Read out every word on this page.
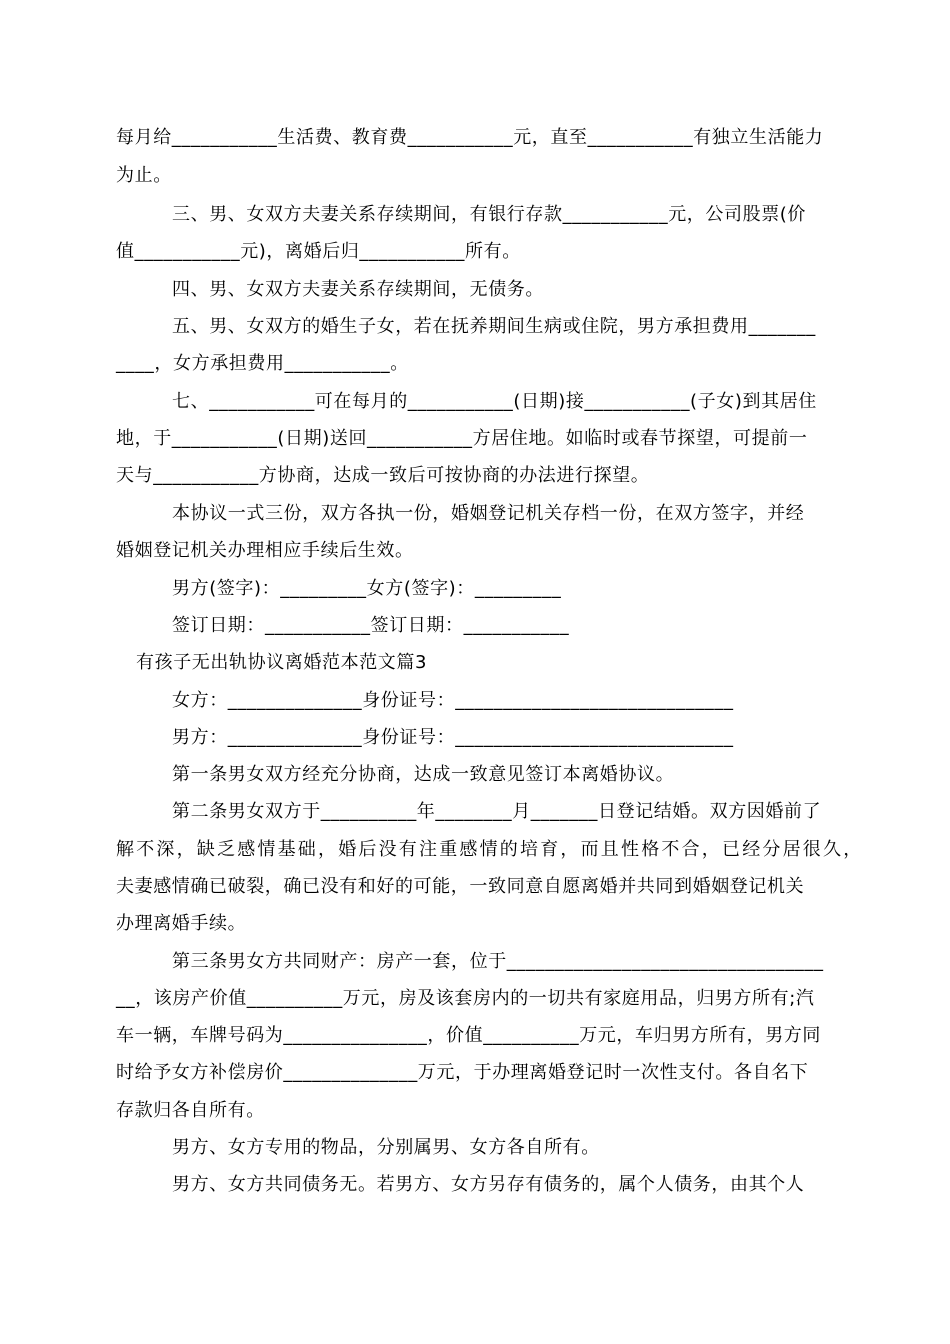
每月给___________生活费、教育费___________元，直至___________有独立生活能力
为止。
三、男、女双方夫妻关系存续期间，有银行存款___________元，公司股票(价
值___________元)，离婚后归___________所有。
四、男、女双方夫妻关系存续期间，无债务。
五、男、女双方的婚生子女，若在抚养期间生病或住院，男方承担费用_______
____，女方承担费用___________。
七、___________可在每月的___________(日期)接___________(子女)到其居住
地，于___________(日期)送回___________方居住地。如临时或春节探望，可提前一
天与___________方协商，达成一致后可按协商的办法进行探望。
本协议一式三份，双方各执一份，婚姻登记机关存档一份，在双方签字，并经
婚姻登记机关办理相应手续后生效。
男方(签字)：_________女方(签字)：_________
签订日期：___________签订日期：___________
有孩子无出轨协议离婚范本范文篇3
女方：______________身份证号：_____________________________
男方：______________身份证号：_____________________________
第一条男女双方经充分协商，达成一致意见签订本离婚协议。
第二条男女双方于__________年________月_______日登记结婚。双方因婚前了
解不深，缺乏感情基础，婚后没有注重感情的培育，而且性格不合，已经分居很久，
夫妻感情确已破裂，确已没有和好的可能，一致同意自愿离婚并共同到婚姻登记机关
办理离婚手续。
第三条男女方共同财产：房产一套，位于_________________________________
__，该房产价值__________万元，房及该套房内的一切共有家庭用品，归男方所有;汽
车一辆，车牌号码为_______________，价值__________万元，车归男方所有，男方同
时给予女方补偿房价______________万元，于办理离婚登记时一次性支付。各自名下
存款归各自所有。
男方、女方专用的物品，分别属男、女方各自所有。
男方、女方共同债务无。若男方、女方另存有债务的，属个人债务，由其个人
